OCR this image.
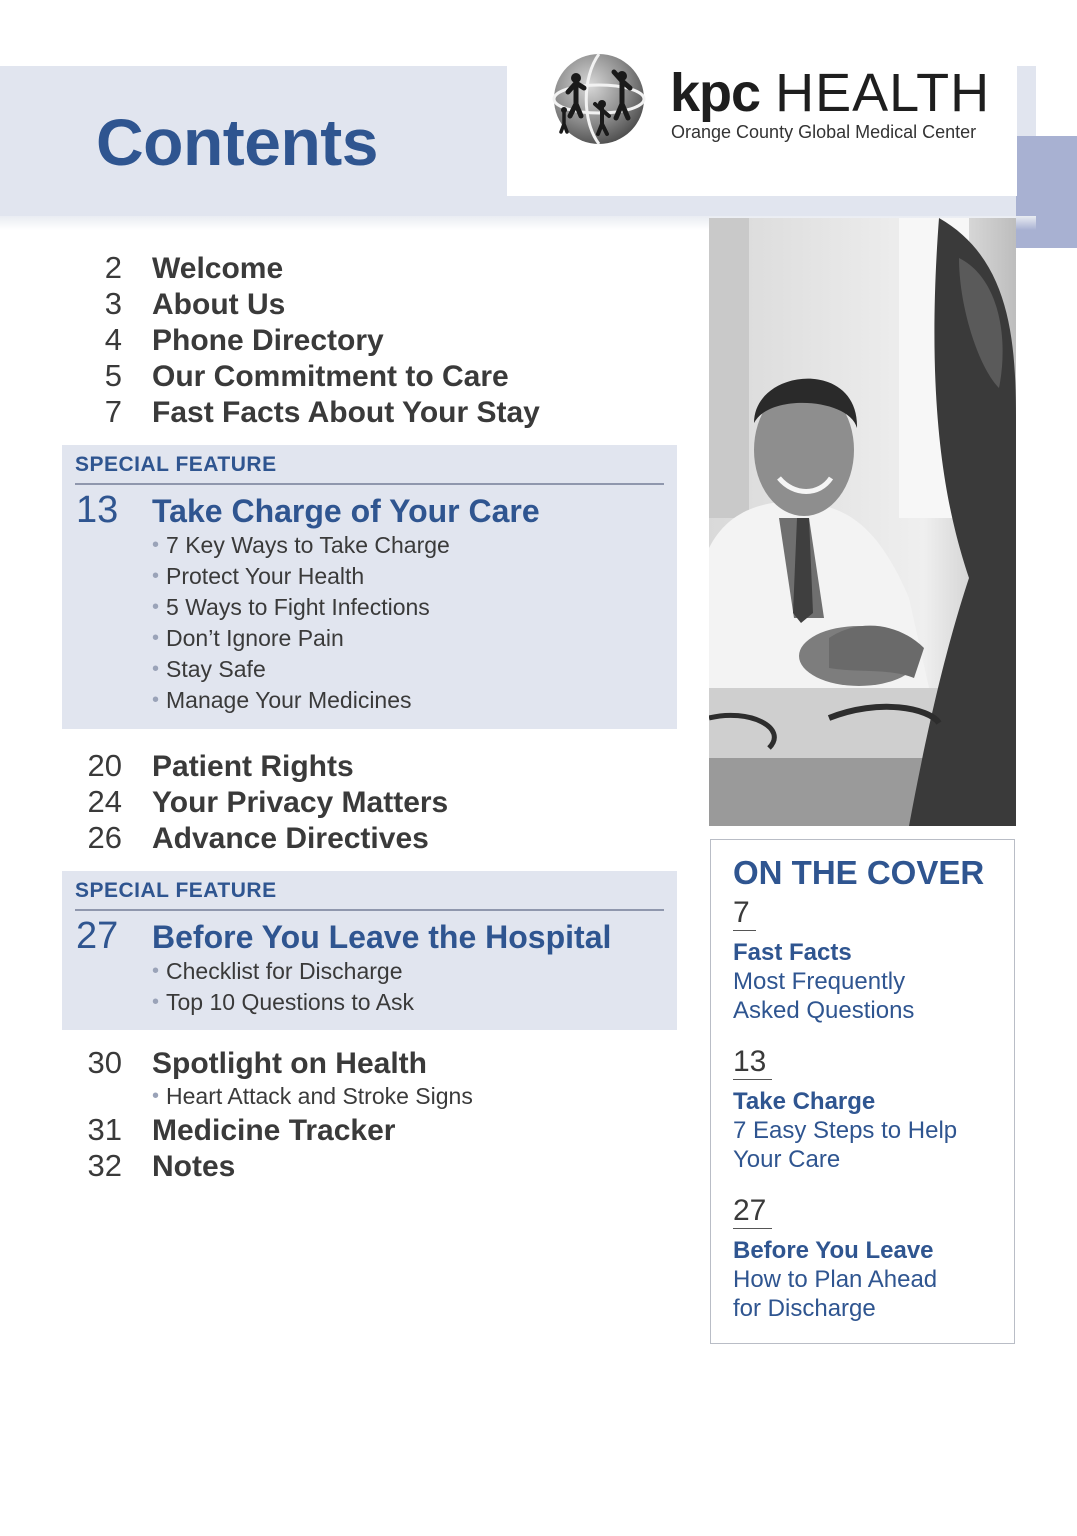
Contents
kpc HEALTH
Orange County Global Medical Center
2 Welcome
3 About Us
4 Phone Directory
5 Our Commitment to Care
7 Fast Facts About Your Stay
SPECIAL FEATURE
13	Take Charge of Your Care
• 7 Key Ways to Take Charge
• Protect Your Health
• 5 Ways to Fight Infections
• Don’t Ignore Pain
• Stay Safe
• Manage Your Medicines
20 Patient Rights
24 Your Privacy Matters
26 Advance Directives
SPECIAL FEATURE
27	Before You Leave the Hospital
• Checklist for Discharge
• Top 10 Questions to Ask
30 Spotlight on Health
• Heart Attack and Stroke Signs
31 Medicine Tracker
32 Notes
ON THE COVER
7
Fast Facts
Most Frequently
Asked Questions
13
Take Charge
7 Easy Steps to Help
Your Care
27
Before You Leave
How to Plan Ahead
for Discharge
